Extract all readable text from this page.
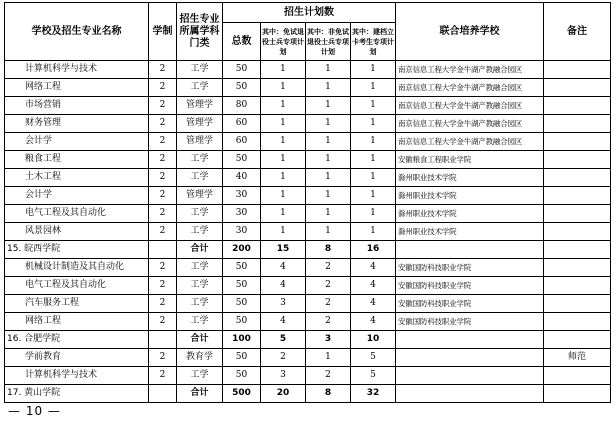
学校及招生专业名称	学制	招生专业所属学科门类	招生计划数				联合培养学校	备注
			总数	其中：免试退役士兵专项计划	其中：非免试退役士兵专项计划	其中：建档立卡考生专项计划		
计算机科学与技术	2	工学	50	1	1	1	南京信息工程大学金牛湖产教融合园区	
网络工程	2	工学	50	1	1	1	南京信息工程大学金牛湖产教融合园区	
市场营销	2	管理学	80	1	1	1	南京信息工程大学金牛湖产教融合园区	
财务管理	2	管理学	60	1	1	1	南京信息工程大学金牛湖产教融合园区	
会计学	2	管理学	60	1	1	1	南京信息工程大学金牛湖产教融合园区	
粮食工程	2	工学	50	1	1	1	安徽粮食工程职业学院	
土木工程	2	工学	40	1	1	1	滁州职业技术学院	
会计学	2	管理学	30	1	1	1	滁州职业技术学院	
电气工程及其自动化	2	工学	30	1	1	1	滁州职业技术学院	
风景园林	2	工学	30	1	1	1	滁州职业技术学院	
15. 皖西学院		合计	200	15	8	16		
机械设计制造及其自动化	2	工学	50	4	2	4	安徽国防科技职业学院	
电气工程及其自动化	2	工学	50	4	2	4	安徽国防科技职业学院	
汽车服务工程	2	工学	50	3	2	4	安徽国防科技职业学院	
网络工程	2	工学	50	4	2	4	安徽国防科技职业学院	
16. 合肥学院		合计	100	5	3	10		
学前教育	2	教育学	50	2	1	5		师范
计算机科学与技术	2	工学	50	3	2	5		
17. 黄山学院		合计	500	20	8	32		
— 10 —
